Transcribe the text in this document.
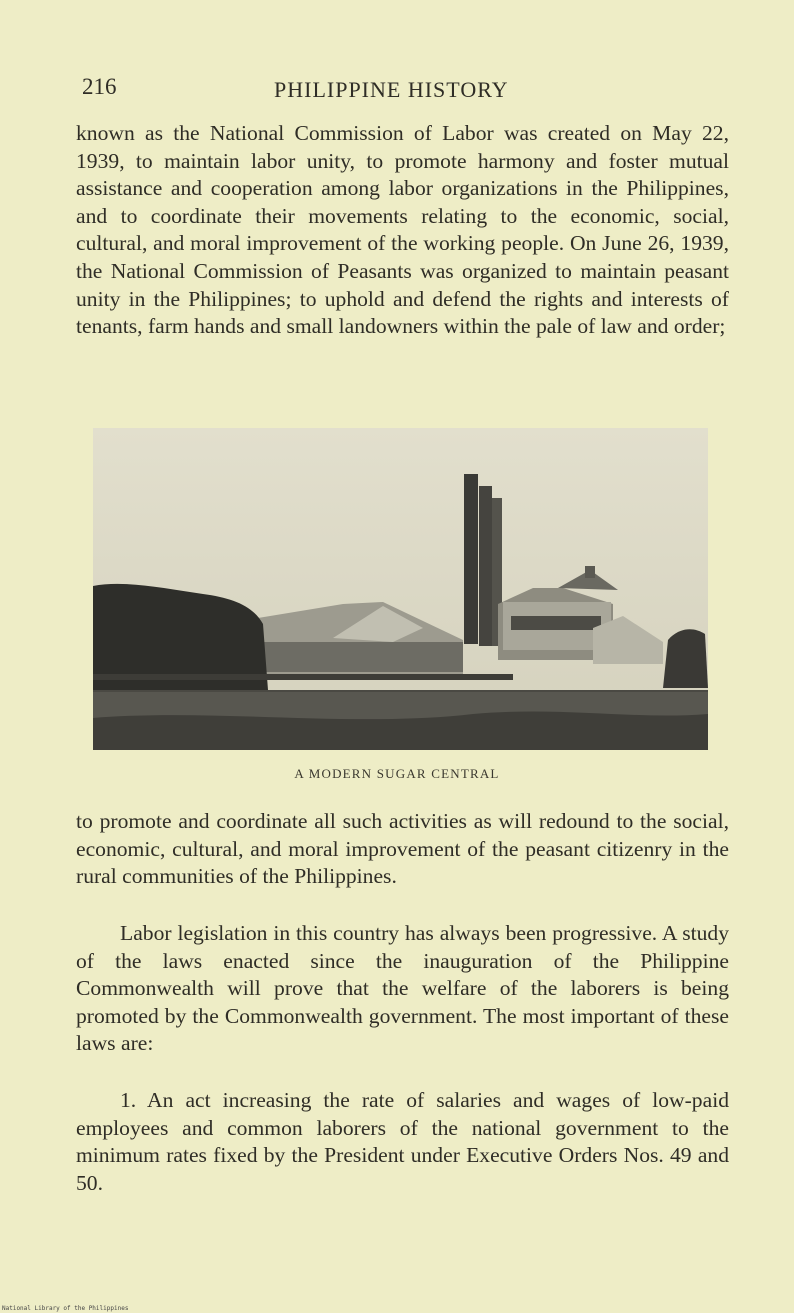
216	PHILIPPINE HISTORY

known as the National Commission of Labor was created on May 22, 1939, to maintain labor unity, to promote harmony and foster mutual assistance and cooperation among labor organizations in the Philippines, and to coordinate their movements relating to the economic, social, cultural, and moral improvement of the working people. On June 26, 1939, the National Commission of Peasants was organized to maintain peasant unity in the Philippines; to uphold and defend the rights and interests of tenants, farm hands and small landowners within the pale of law and order;

A MODERN SUGAR CENTRAL

to promote and coordinate all such activities as will redound to the social, economic, cultural, and moral improvement of the peasant citizenry in the rural communities of the Philippines.

Labor legislation in this country has always been progressive. A study of the laws enacted since the inauguration of the Philippine Commonwealth will prove that the welfare of the laborers is being promoted by the Commonwealth government. The most important of these laws are:

1. An act increasing the rate of salaries and wages of low-paid employees and common laborers of the national government to the minimum rates fixed by the President under Executive Orders Nos. 49 and 50.

National Library of the Philippines
